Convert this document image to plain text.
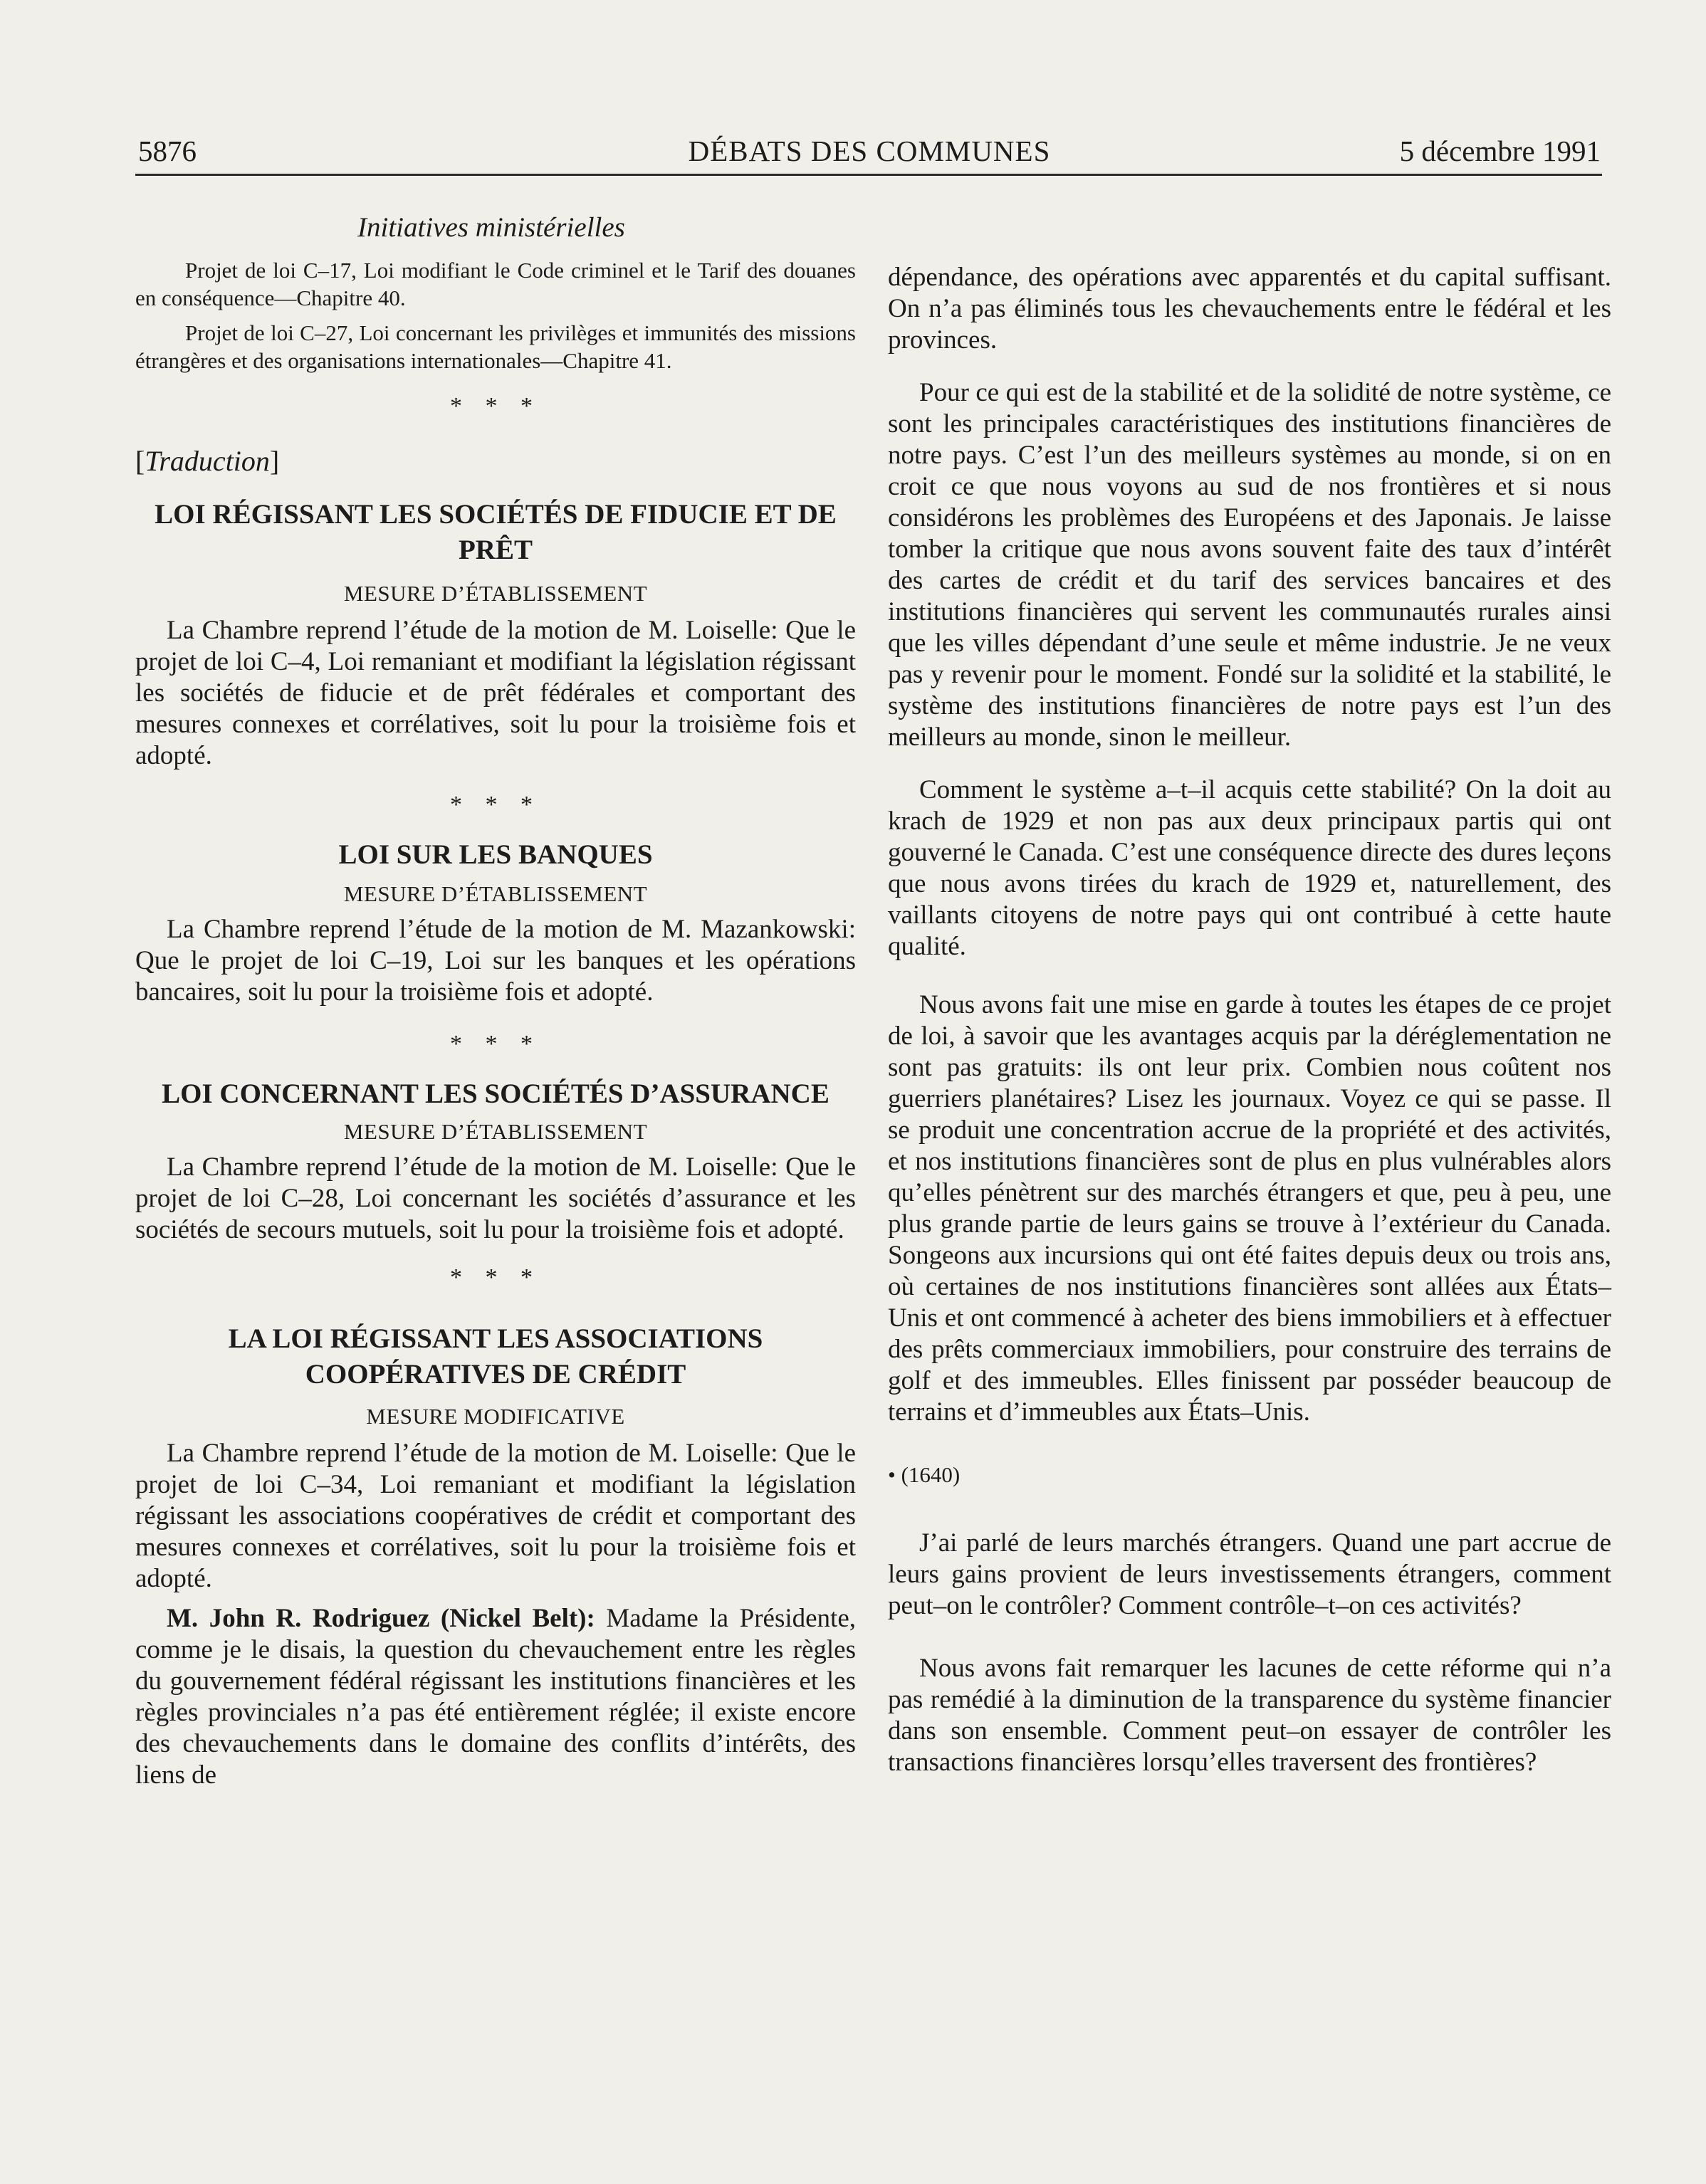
5876	DÉBATS DES COMMUNES	5 décembre 1991

Initiatives ministérielles

Projet de loi C–17, Loi modifiant le Code criminel et le Tarif des douanes en conséquence—Chapitre 40.

Projet de loi C–27, Loi concernant les privilèges et immunités des missions étrangères et des organisations internationales—Chapitre 41.

* * *

[Traduction]

LOI RÉGISSANT LES SOCIÉTÉS DE FIDUCIE ET DE PRÊT

MESURE D’ÉTABLISSEMENT

La Chambre reprend l’étude de la motion de M. Loiselle: Que le projet de loi C–4, Loi remaniant et modifiant la législation régissant les sociétés de fiducie et de prêt fédérales et comportant des mesures connexes et corrélatives, soit lu pour la troisième fois et adopté.

* * *

LOI SUR LES BANQUES

MESURE D’ÉTABLISSEMENT

La Chambre reprend l’étude de la motion de M. Mazankowski: Que le projet de loi C–19, Loi sur les banques et les opérations bancaires, soit lu pour la troisième fois et adopté.

* * *

LOI CONCERNANT LES SOCIÉTÉS D’ASSURANCE

MESURE D’ÉTABLISSEMENT

La Chambre reprend l’étude de la motion de M. Loiselle: Que le projet de loi C–28, Loi concernant les sociétés d’assurance et les sociétés de secours mutuels, soit lu pour la troisième fois et adopté.

* * *

LA LOI RÉGISSANT LES ASSOCIATIONS COOPÉRATIVES DE CRÉDIT

MESURE MODIFICATIVE

La Chambre reprend l’étude de la motion de M. Loiselle: Que le projet de loi C–34, Loi remaniant et modifiant la législation régissant les associations coopératives de crédit et comportant des mesures connexes et corrélatives, soit lu pour la troisième fois et adopté.

M. John R. Rodriguez (Nickel Belt): Madame la Présidente, comme je le disais, la question du chevauchement entre les règles du gouvernement fédéral régissant les institutions financières et les règles provinciales n’a pas été entièrement réglée; il existe encore des chevauchements dans le domaine des conflits d’intérêts, des liens de

dépendance, des opérations avec apparentés et du capital suffisant. On n’a pas éliminés tous les chevauchements entre le fédéral et les provinces.

Pour ce qui est de la stabilité et de la solidité de notre système, ce sont les principales caractéristiques des institutions financières de notre pays. C’est l’un des meilleurs systèmes au monde, si on en croit ce que nous voyons au sud de nos frontières et si nous considérons les problèmes des Européens et des Japonais. Je laisse tomber la critique que nous avons souvent faite des taux d’intérêt des cartes de crédit et du tarif des services bancaires et des institutions financières qui servent les communautés rurales ainsi que les villes dépendant d’une seule et même industrie. Je ne veux pas y revenir pour le moment. Fondé sur la solidité et la stabilité, le système des institutions financières de notre pays est l’un des meilleurs au monde, sinon le meilleur.

Comment le système a–t–il acquis cette stabilité? On la doit au krach de 1929 et non pas aux deux principaux partis qui ont gouverné le Canada. C’est une conséquence directe des dures leçons que nous avons tirées du krach de 1929 et, naturellement, des vaillants citoyens de notre pays qui ont contribué à cette haute qualité.

Nous avons fait une mise en garde à toutes les étapes de ce projet de loi, à savoir que les avantages acquis par la déréglementation ne sont pas gratuits: ils ont leur prix. Combien nous coûtent nos guerriers planétaires? Lisez les journaux. Voyez ce qui se passe. Il se produit une concentration accrue de la propriété et des activités, et nos institutions financières sont de plus en plus vulnérables alors qu’elles pénètrent sur des marchés étrangers et que, peu à peu, une plus grande partie de leurs gains se trouve à l’extérieur du Canada. Songeons aux incursions qui ont été faites depuis deux ou trois ans, où certaines de nos institutions financières sont allées aux États–Unis et ont commencé à acheter des biens immobiliers et à effectuer des prêts commerciaux immobiliers, pour construire des terrains de golf et des immeubles. Elles finissent par posséder beaucoup de terrains et d’immeubles aux États–Unis.

• (1640)

J’ai parlé de leurs marchés étrangers. Quand une part accrue de leurs gains provient de leurs investissements étrangers, comment peut–on le contrôler? Comment contrôle–t–on ces activités?

Nous avons fait remarquer les lacunes de cette réforme qui n’a pas remédié à la diminution de la transparence du système financier dans son ensemble. Comment peut–on essayer de contrôler les transactions financières lorsqu’elles traversent des frontières?
